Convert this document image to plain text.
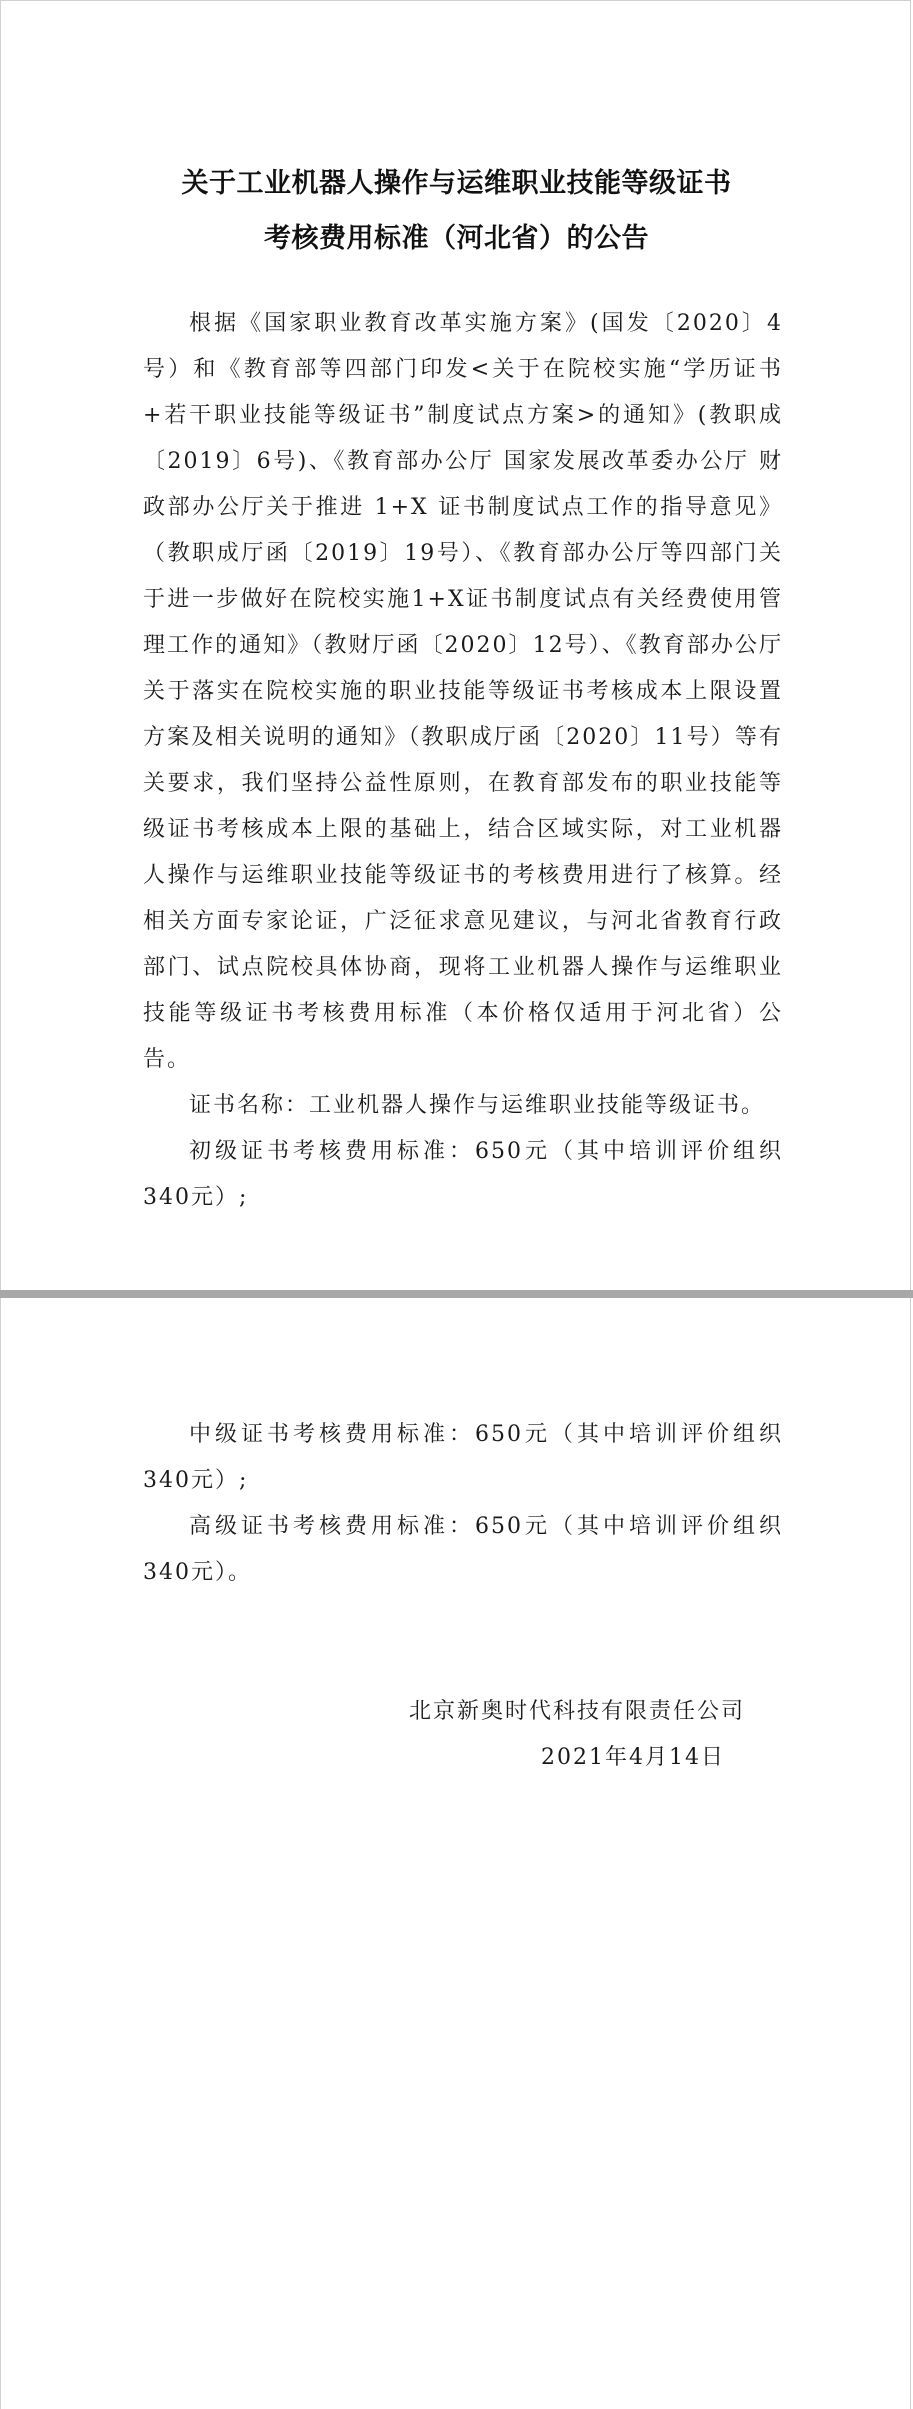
关于工业机器人操作与运维职业技能等级证书
考核费用标准（河北省）的公告

根据《国家职业教育改革实施方案》(国发〔2020〕4号）和《教育部等四部门印发<关于在院校实施“学历证书+若干职业技能等级证书”制度试点方案>的通知》(教职成〔2019〕6号)、《教育部办公厅 国家发展改革委办公厅 财政部办公厅关于推进 1+X 证书制度试点工作的指导意见》（教职成厅函〔2019〕19号）、《教育部办公厅等四部门关于进一步做好在院校实施1+X证书制度试点有关经费使用管理工作的通知》（教财厅函〔2020〕12号）、《教育部办公厅关于落实在院校实施的职业技能等级证书考核成本上限设置方案及相关说明的通知》（教职成厅函〔2020〕11号）等有关要求，我们坚持公益性原则，在教育部发布的职业技能等级证书考核成本上限的基础上，结合区域实际，对工业机器人操作与运维职业技能等级证书的考核费用进行了核算。经相关方面专家论证，广泛征求意见建议，与河北省教育行政部门、试点院校具体协商，现将工业机器人操作与运维职业技能等级证书考核费用标准（本价格仅适用于河北省）公告。

证书名称：工业机器人操作与运维职业技能等级证书。

初级证书考核费用标准：650元（其中培训评价组织340元）;

中级证书考核费用标准：650元（其中培训评价组织340元）;

高级证书考核费用标准：650元（其中培训评价组织340元）。

北京新奥时代科技有限责任公司
2021年4月14日
